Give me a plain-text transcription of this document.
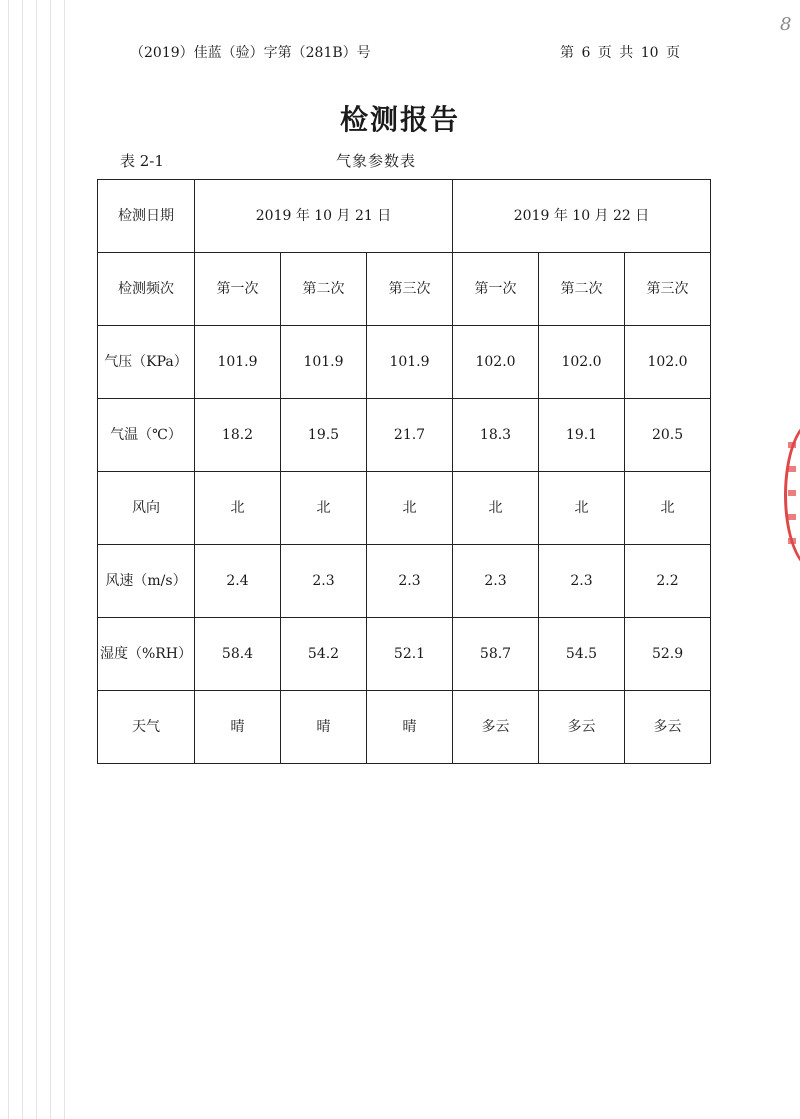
（2019）佳蓝（验）字第（281B）号	第 6 页 共 10 页
8
检测报告
表 2-1	气象参数表
检测日期	2019 年 10 月 21 日			2019 年 10 月 22 日		
检测频次	第一次	第二次	第三次	第一次	第二次	第三次
气压（KPa）	101.9	101.9	101.9	102.0	102.0	102.0
气温（℃）	18.2	19.5	21.7	18.3	19.1	20.5
风向	北	北	北	北	北	北
风速（m/s）	2.4	2.3	2.3	2.3	2.3	2.2
湿度（%RH）	58.4	54.2	52.1	58.7	54.5	52.9
天气	晴	晴	晴	多云	多云	多云
